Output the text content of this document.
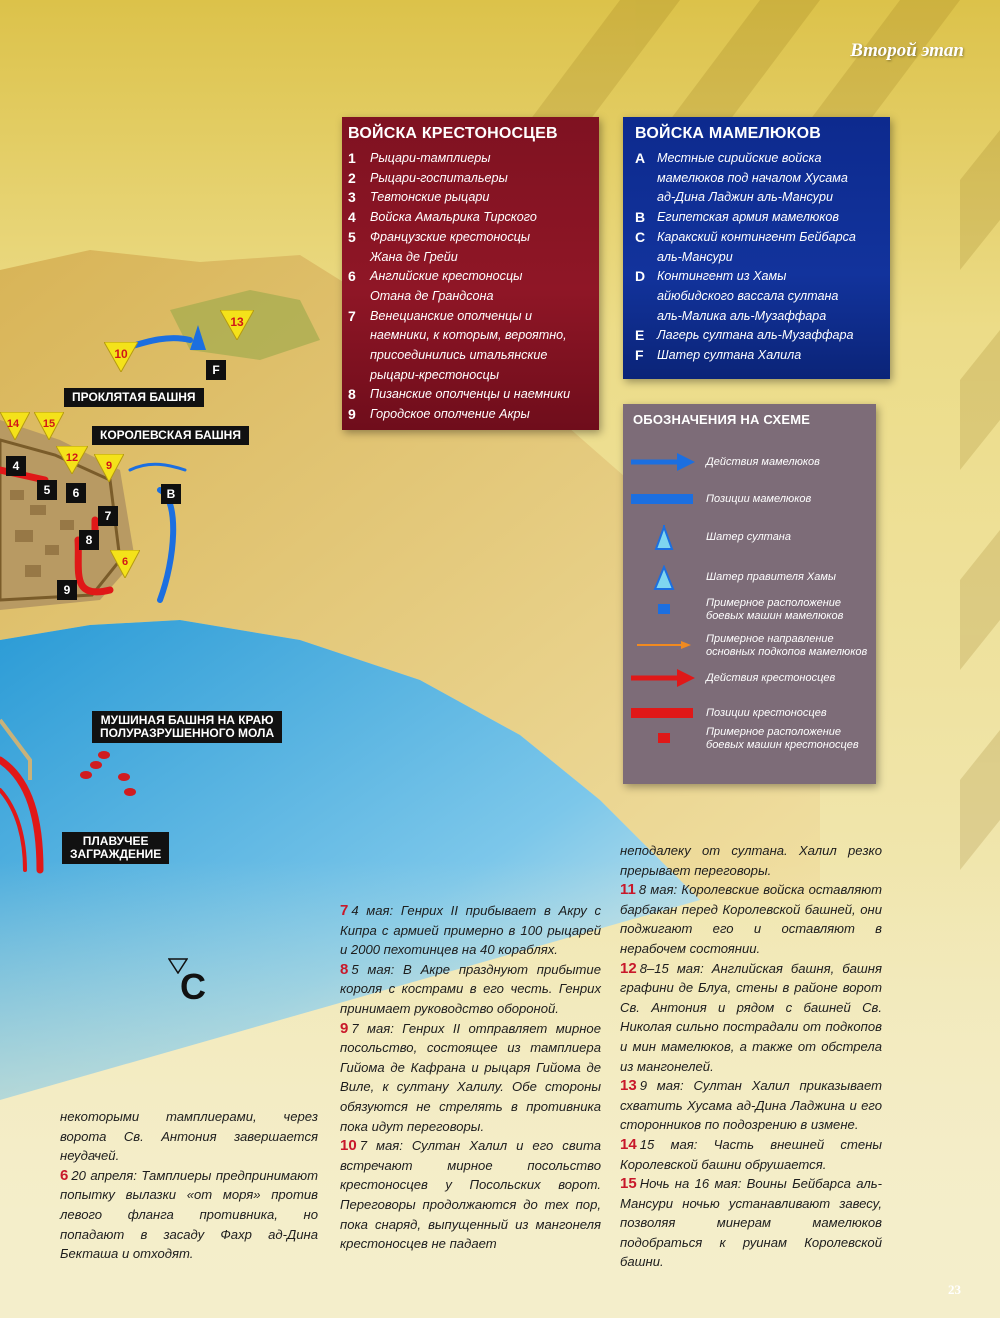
Второй этап
ПРОКЛЯТАЯ БАШНЯ
КОРОЛЕВСКАЯ БАШНЯ
МУШИНАЯ БАШНЯ НА КРАЮ
ПОЛУРАЗРУШЕННОГО МОЛА
ПЛАВУЧЕЕ
ЗАГРАЖДЕНИЕ
10
13
14 15
12
9
6
4
5	6
7
8
9
F
B
C
ВОЙСКА КРЕСТОНОСЦЕВ
1	Рыцари-тамплиеры
2	Рыцари-госпитальеры
3	Тевтонские рыцари
4	Войска Амальрика Тирского
5	Французские крестоносцы
Жана де Грейи
6	Английские крестоносцы
Отана де Грандсона
7	Венецианские ополченцы и
наемники, к которым, вероятно,
присоединились итальянские
рыцари-крестоносцы
8	Пизанские ополченцы и наемники
9	Городское ополчение Акры
ВОЙСКА МАМЕЛЮКОВ
A Местные сирийские войска
мамелюков под началом Хусама
ад-Дина Ладжин аль-Мансури
B Египетская армия мамелюков
C Каракский контингент Бейбарса
аль-Мансури
D Контингент из Хамы
айюбидского вассала султана
аль-Малика аль-Музаффара
E	Лагерь султана аль-Музаффара
F	Шатер султана Халила
ОБОЗНАЧЕНИЯ НА СХЕМЕ
Действия мамелюков
Позиции мамелюков
Шатер султана
Шатер правителя Хамы
Примерное расположение
боевых машин мамелюков
Примерное направление
основных подкопов мамелюков
Действия крестоносцев
Позиции крестоносцев
Примерное расположение
боевых машин крестоносцев
некоторыми тамплиерами, через ворота Св. Антония завершается неудачей.
6 20 апреля: Тамплиеры предпринимают попытку вылазки «от моря» против левого фланга противника, но попадают в засаду Фахр ад-Дина Бекташа и отходят.
7 4 мая: Генрих II прибывает в Акру с Кипра с армией примерно в 100 рыцарей и 2000 пехотинцев на 40 кораблях.
8 5 мая: В Акре празднуют прибытие короля с кострами в его честь. Генрих принимает руководство обороной.
9 7 мая: Генрих II отправляет мирное посольство, состоящее из тамплиера Гийома де Кафрана и рыцаря Гийома де Виле, к султану Халилу. Обе стороны обязуются не стрелять в противника пока идут переговоры.
10 7 мая: Султан Халил и его свита встречают мирное посольство крестоносцев у Посольских ворот. Переговоры продолжаются до тех пор, пока снаряд, выпущенный из мангонеля крестоносцев не падает
неподалеку от султана. Халил резко прерывает переговоры.
11 8 мая: Королевские войска оставляют барбакан перед Королевской башней, они поджигают его и оставляют в нерабочем состоянии.
12 8–15 мая: Английская башня, башня графини де Блуа, стены в районе ворот Св. Антония и рядом с башней Св. Николая сильно пострадали от подкопов и мин мамелюков, а также от обстрела из мангонелей.
13 9 мая: Султан Халил приказывает схватить Хусама ад-Дина Ладжина и его сторонников по подозрению в измене.
14 15 мая: Часть внешней стены Королевской башни обрушается.
15 Ночь на 16 мая: Воины Бейбарса аль-Мансури ночью устанавливают завесу, позволяя минерам мамелюков подобраться к руинам Королевской башни.
23
